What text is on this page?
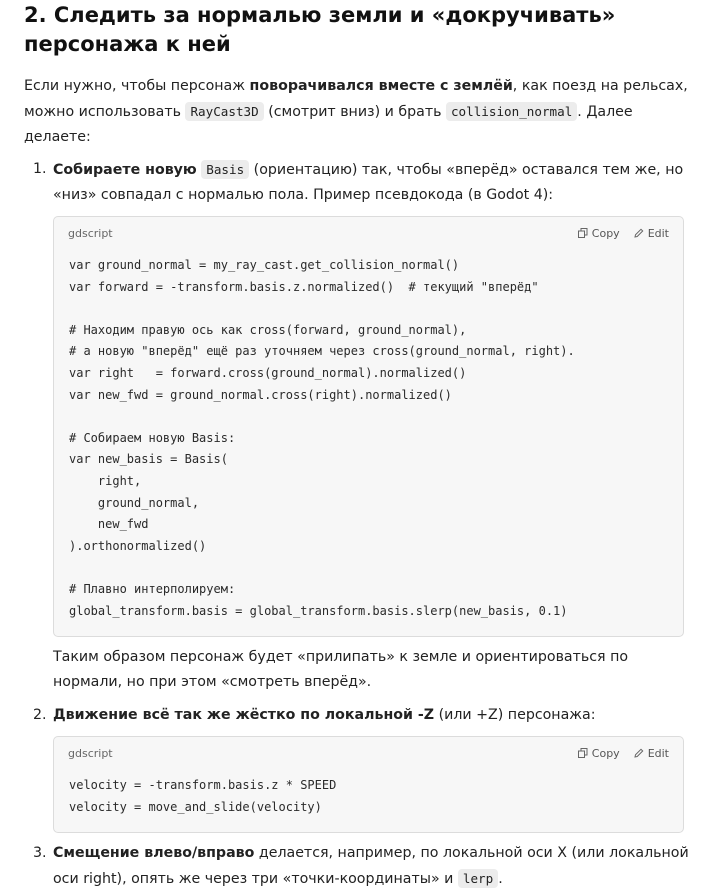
2. Следить за нормалью земли и «докручивать» персонажа к ней

Если нужно, чтобы персонаж поворачивался вместе с землёй, как поезд на рельсах, можно использовать RayCast3D (смотрит вниз) и брать collision_normal . Далее делаете:

1. Собираете новую Basis (ориентацию) так, чтобы «вперёд» оставался тем же, но «низ» совпадал с нормалью пола. Пример псевдокода (в Godot 4):
gdscript	Copy	Edit
var ground_normal = my_ray_cast.get_collision_normal()
var forward = -transform.basis.z.normalized()  # текущий "вперёд"

# Находим правую ось как cross(forward, ground_normal),
# а новую "вперёд" ещё раз уточняем через cross(ground_normal, right).
var right   = forward.cross(ground_normal).normalized()
var new_fwd = ground_normal.cross(right).normalized()

# Собираем новую Basis:
var new_basis = Basis(
right,
ground_normal,
new_fwd
).orthonormalized()

# Плавно интерполируем:
global_transform.basis = global_transform.basis.slerp(new_basis, 0.1)
Таким образом персонаж будет «прилипать» к земле и ориентироваться по нормали, но при этом «смотреть вперёд».
2. Движение всё так же жёстко по локальной -Z (или +Z) персонажа:
gdscript	Copy	Edit
velocity = -transform.basis.z * SPEED
velocity = move_and_slide(velocity)
3. Смещение влево/вправо делается, например, по локальной оси X (или локальной оси right), опять же через три «точки-координаты» и lerp .
